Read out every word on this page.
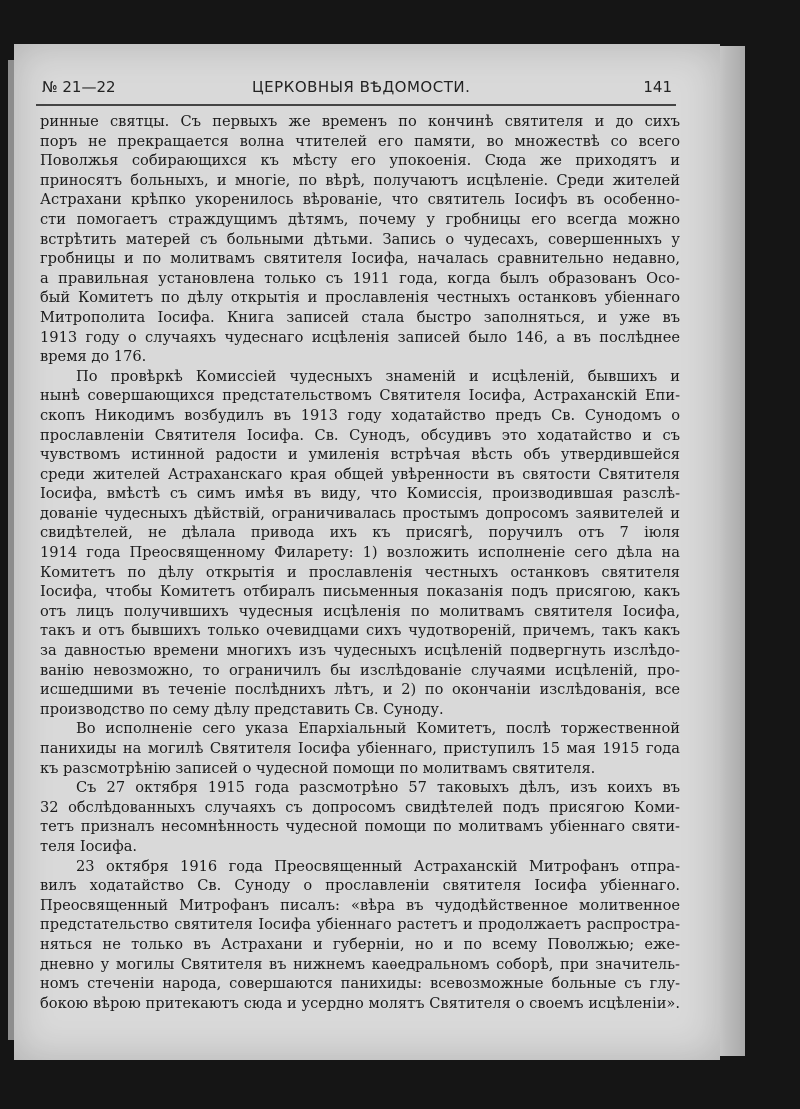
№ 21—22	ЦЕРКОВНЫЯ ВѢДОМОСТИ.	141
ринные святцы. Съ первыхъ же временъ по кончинѣ святителя и до сихъ
поръ не прекращается волна чтителей его памяти, во множествѣ со всего
Поволжья собирающихся къ мѣсту его упокоенія. Сюда же приходятъ и
приносятъ больныхъ, и многіе, по вѣрѣ, получаютъ исцѣленіе. Среди жителей
Астрахани крѣпко укоренилось вѣрованіе, что святитель Іосифъ въ особенно-
сти помогаетъ страждущимъ дѣтямъ, почему у гробницы его всегда можно
встрѣтить матерей съ больными дѣтьми. Запись о чудесахъ, совершенныхъ у
гробницы и по молитвамъ святителя Іосифа, началась сравнительно недавно,
а правильная установлена только съ 1911 года, когда былъ образованъ Осо-
бый Комитетъ по дѣлу открытія и прославленія честныхъ останковъ убіеннаго
Митрополита Іосифа. Книга записей стала быстро заполняться, и уже въ
1913 году о случаяхъ чудеснаго исцѣленія записей было 146, а въ послѣднее
время до 176.
По провѣркѣ Комиссіей чудесныхъ знаменій и исцѣленій, бывшихъ и
нынѣ совершающихся предстательствомъ Святителя Іосифа, Астраханскій Епи-
скопъ Никодимъ возбудилъ въ 1913 году ходатайство предъ Св. Сунодомъ о
прославленіи Святителя Іосифа. Св. Сунодъ, обсудивъ это ходатайство и съ
чувствомъ истинной радости и умиленія встрѣчая вѣсть объ утвердившейся
среди жителей Астраханскаго края общей увѣренности въ святости Святителя
Іосифа, вмѣстѣ съ симъ имѣя въ виду, что Комиссія, производившая разслѣ-
дованіе чудесныхъ дѣйствій, ограничивалась простымъ допросомъ заявителей и
свидѣтелей, не дѣлала привода ихъ къ присягѣ, поручилъ отъ 7 іюля
1914 года Преосвященному Филарету: 1) возложить исполненіе сего дѣла на
Комитетъ по дѣлу открытія и прославленія честныхъ останковъ святителя
Іосифа, чтобы Комитетъ отбиралъ письменныя показанія подъ присягою, какъ
отъ лицъ получившихъ чудесныя исцѣленія по молитвамъ святителя Іосифа,
такъ и отъ бывшихъ только очевидцами сихъ чудотвореній, причемъ, такъ какъ
за давностью времени многихъ изъ чудесныхъ исцѣленій подвергнуть изслѣдо-
ванію невозможно, то ограничилъ бы изслѣдованіе случаями исцѣленій, про-
исшедшими въ теченіе послѣднихъ лѣтъ, и 2) по окончаніи изслѣдованія, все
производство по сему дѣлу представить Св. Суноду.
Во исполненіе сего указа Епархіальный Комитетъ, послѣ торжественной
панихиды на могилѣ Святителя Іосифа убіеннаго, приступилъ 15 мая 1915 года
къ разсмотрѣнію записей о чудесной помощи по молитвамъ святителя.
Съ 27 октября 1915 года разсмотрѣно 57 таковыхъ дѣлъ, изъ коихъ въ
32 обслѣдованныхъ случаяхъ съ допросомъ свидѣтелей подъ присягою Коми-
тетъ призналъ несомнѣнность чудесной помощи по молитвамъ убіеннаго святи-
теля Іосифа.
23 октября 1916 года Преосвященный Астраханскій Митрофанъ отпра-
вилъ ходатайство Св. Суноду о прославленіи святителя Іосифа убіеннаго.
Преосвященный Митрофанъ писалъ: «вѣра въ чудодѣйственное молитвенное
предстательство святителя Іосифа убіеннаго растетъ и продолжаетъ распростра-
няться не только въ Астрахани и губерніи, но и по всему Поволжью; еже-
дневно у могилы Святителя въ нижнемъ каѳедральномъ соборѣ, при значитель-
номъ стеченіи народа, совершаются панихиды: всевозможные больные съ глу-
бокою вѣрою притекаютъ сюда и усердно молятъ Святителя о своемъ исцѣленіи».
